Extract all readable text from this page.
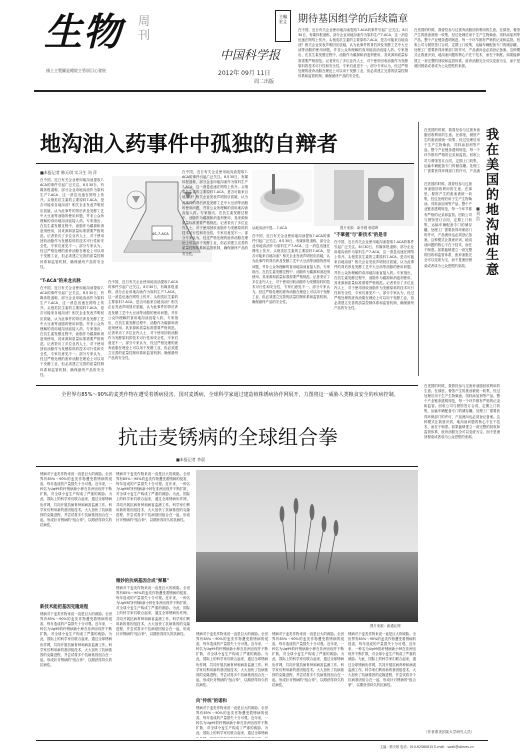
生物 周刊
國土主製圖是總院主管項目心發展
中国科学报
2012年 09月 11日
周二出版
主編
宏义	期待基因组学的后续篇章
在中国，近日有关企业使用地沟油提取7-ACA的事件引起广泛关注。8月30日，有媒体报道称，部分企业用地沟油作为原料生产7-ACA，这一消息迅速在网络上传开。头孢类抗生素的主要原料7-ACA，是否可能来自地沟油？相关企业发表声明回应质疑，认为此事件的背后涉及发酵工艺中大豆油等油脂的使用问题，并非公众所理解的食用地沟油直接入药。专家指出，在抗生素发酵过程中，油脂作为碳源和消泡剂使用，其来源和质量标准需要严格规范。记者采访了多位业内人士，对于使用回收油脂作为发酵原料的技术可行性和安全性，专家们意见不一。部分专家认为，经过严格处理的废弃油脂在理论上可以用于发酵工业，但必须建立完善的质量控制体系和监管机制，确保最终产品的安全性。
在美国的时候，我曾经参与过废弃油脂回收利用的生意。在那里，餐馆产生的废油被统一收集，经过处理后用于生产生物柴油、饲料添加剂等产品。整个产业链条透明规范，每一个环节都有严格的记录和监管。回收公司与餐馆签订合同，定期上门收集，运输车辆配备专门的储存罐。处理工厂需要获得环保部门的许可，产品流向也必须登记备案。这种模式让我意识到，地沟油问题的核心不在于技术，而在于制度。如果能够建立一套完整的回收和监管体系，废弃油脂完全可以变废为宝，而不是流回餐桌或者成为公众恐慌的来源。
地沟油入药事件中孤独的自辩者
■本报记者 韩天琪 实习生 刘 萍
在中国，近日有关企业使用地沟油提取7-ACA的事件引起广泛关注。8月30日，有媒体报道称，部分企业用地沟油作为原料生产7-ACA，这一消息迅速在网络上传开。头孢类抗生素的主要原料7-ACA，是否可能来自地沟油？相关企业发表声明回应质疑，认为此事件的背后涉及发酵工艺中大豆油等油脂的使用问题，并非公众所理解的食用地沟油直接入药。专家指出，在抗生素发酵过程中，油脂作为碳源和消泡剂使用，其来源和质量标准需要严格规范。记者采访了多位业内人士，对于使用回收油脂作为发酵原料的技术可行性和安全性，专家们意见不一。部分专家认为，经过严格处理的废弃油脂在理论上可以用于发酵工业，但必须建立完善的质量控制体系和监管机制，确保最终产品的安全性。
"T-ACA"的来龙去脉
在中国，近日有关企业使用地沟油提取7-ACA的事件引起广泛关注。8月30日，有媒体报道称，部分企业用地沟油作为原料生产7-ACA，这一消息迅速在网络上传开。头孢类抗生素的主要原料7-ACA，是否可能来自地沟油？相关企业发表声明回应质疑，认为此事件的背后涉及发酵工艺中大豆油等油脂的使用问题，并非公众所理解的食用地沟油直接入药。专家指出，在抗生素发酵过程中，油脂作为碳源和消泡剂使用，其来源和质量标准需要严格规范。记者采访了多位业内人士，对于使用回收油脂作为发酵原料的技术可行性和安全性，专家们意见不一。部分专家认为，经过严格处理的废弃油脂在理论上可以用于发酵工业，但必须建立完善的质量控制体系和监管机制，确保最终产品的安全性。
在中国，近日有关企业使用地沟油提取7-ACA的事件引起广泛关注。8月30日，有媒体报道称，部分企业用地沟油作为原料生产7-ACA，这一消息迅速在网络上传开。头孢类抗生素的主要原料7-ACA，是否可能来自地沟油？相关企业发表声明回应质疑，认为此事件的背后涉及发酵工艺中大豆油等油脂的使用问题，并非公众所理解的食用地沟油直接入药。专家指出，在抗生素发酵过程中，油脂作为碳源和消泡剂使用，其来源和质量标准需要严格规范。记者采访了多位业内人士，对于使用回收油脂作为发酵原料的技术可行性和安全性，专家们意见不一。部分专家认为，经过严格处理的废弃油脂在理论上可以用于发酵工业，但必须建立完善的质量控制体系和监管机制，确保最终产品的安全性。
4S-7-ACA
在中国，近日有关企业使用地沟油提取7-ACA的事件引起广泛关注。8月30日，有媒体报道称，部分企业用地沟油作为原料生产7-ACA，这一消息迅速在网络上传开。头孢类抗生素的主要原料7-ACA，是否可能来自地沟油？相关企业发表声明回应质疑，认为此事件的背后涉及发酵工艺中大豆油等油脂的使用问题，并非公众所理解的食用地沟油直接入药。专家指出，在抗生素发酵过程中，油脂作为碳源和消泡剂使用，其来源和质量标准需要严格规范。记者采访了多位业内人士，对于使用回收油脂作为发酵原料的技术可行性和安全性，专家们意见不一。部分专家认为，经过严格处理的废弃油脂在理论上可以用于发酵工业，但必须建立完善的质量控制体系和监管机制，确保最终产品的安全性。
从地沟油中提... 7-ACA	图片来源：新华网 韩春晖
在中国，近日有关企业使用地沟油提取7-ACA的事件引起广泛关注。8月30日，有媒体报道称，部分企业用地沟油作为原料生产7-ACA，这一消息迅速在网络上传开。头孢类抗生素的主要原料7-ACA，是否可能来自地沟油？相关企业发表声明回应质疑，认为此事件的背后涉及发酵工艺中大豆油等油脂的使用问题，并非公众所理解的食用地沟油直接入药。专家指出，在抗生素发酵过程中，油脂作为碳源和消泡剂使用，其来源和质量标准需要严格规范。记者采访了多位业内人士，对于使用回收油脂作为发酵原料的技术可行性和安全性，专家们意见不一。部分专家认为，经过严格处理的废弃油脂在理论上可以用于发酵工业，但必须建立完善的质量控制体系和监管机制，确保最终产品的安全性。
"不掌握"与"新技术"的是非
在中国，近日有关企业使用地沟油提取7-ACA的事件引起广泛关注。8月30日，有媒体报道称，部分企业用地沟油作为原料生产7-ACA，这一消息迅速在网络上传开。头孢类抗生素的主要原料7-ACA，是否可能来自地沟油？相关企业发表声明回应质疑，认为此事件的背后涉及发酵工艺中大豆油等油脂的使用问题，并非公众所理解的食用地沟油直接入药。专家指出，在抗生素发酵过程中，油脂作为碳源和消泡剂使用，其来源和质量标准需要严格规范。记者采访了多位业内人士，对于使用回收油脂作为发酵原料的技术可行性和安全性，专家们意见不一。部分专家认为，经过严格处理的废弃油脂在理论上可以用于发酵工业，但必须建立完善的质量控制体系和监管机制，确保最终产品的安全性。
在美国的时候，我曾经参与过废弃油脂回收利用的生意。在那里，餐馆产生的废油被统一收集，经过处理后用于生产生物柴油、饲料添加剂等产品。整个产业链条透明规范，每一个环节都有严格的记录和监管。回收公司与餐馆签订合同，定期上门收集，运输车辆配备专门的储存罐。处理工厂需要获得环保部门的许可，产品流
我在美国的地沟油生意
■刘浩
在美国的时候，我曾经参与过废弃油脂回收利用的生意。在那里，餐馆产生的废油被统一收集，经过处理后用于生产生物柴油、饲料添加剂等产品。整个产业链条透明规范，每一个环节都有严格的记录和监管。回收公司与餐馆签订合同，定期上门收集，运输车辆配备专门的储存罐。处理工厂需要获得环保部门的许可，产品流向也必须登记备案。这种模式让我意识到，地沟油问题的核心不在于技术，而在于制度。如果能够建立一套完整的回收和监管体系，废弃油脂完全可以变废为宝，而不是流回餐桌或者成为公众恐慌的来源。
在美国的时候，我曾经参与过废弃油脂回收利用的生意。在那里，餐馆产生的废油被统一收集，经过处理后用于生产生物柴油、饲料添加剂等产品。整个产业链条透明规范，每一个环节都有严格的记录和监管。回收公司与餐馆签订合同，定期上门收集，运输车辆配备专门的储存罐。处理工厂需要获得环保部门的许可，产品流向也必须登记备案。这种模式让我意识到，地沟油问题的核心不在于技术，而在于制度。如果能够建立一套完整的回收和监管体系，废弃油脂完全可以变废为宝，而不是流回餐桌或者成为公众恐慌的来源。
（作者系美国某大学研究人员）
全世界有85%～90%的麦类作物在遭受着锈病侵害。国对麦锈病，全球科学家通过建造植株锈病协作网展开，力图将这一威胁人类粮食安全的疾病控制。
抗击麦锈病的全球组合拳
■本报记者 李晨
锈病对于麦类作物来说一直是巨大的威胁。全世界有85%～90%的麦类作物遭受着锈病的侵害，每年造成的产量损失十分可观。近年来，一种名为Ug99的秆锈病新小种在非洲出现并不断扩散，对全球小麦生产构成了严重的威胁。为此，国际上的科学家们联合起来，通过全球锈病协作网，共同开展抗病育种和病害监测工作。科学家们利用新的基因组技术，大大加快了抗病基因的克隆进程，并尝试将多个抗病基因组合在一起，形成针对锈病的"组合拳"，以期获得持久的抗病性。
新技术能把基因克隆进程
锈病对于麦类作物来说一直是巨大的威胁。全世界有85%～90%的麦类作物遭受着锈病的侵害，每年造成的产量损失十分可观。近年来，一种名为Ug99的秆锈病新小种在非洲出现并不断扩散，对全球小麦生产构成了严重的威胁。为此，国际上的科学家们联合起来，通过全球锈病协作网，共同开展抗病育种和病害监测工作。科学家们利用新的基因组技术，大大加快了抗病基因的克隆进程，并尝试将多个抗病基因组合在一起，形成针对锈病的"组合拳"，以期获得持久的抗病性。
锈病对于麦类作物来说一直是巨大的威胁。全世界有85%～90%的麦类作物遭受着锈病的侵害，每年造成的产量损失十分可观。近年来，一种名为Ug99的秆锈病新小种在非洲出现并不断扩散，对全球小麦生产构成了严重的威胁。为此，国际上的科学家们联合起来，通过全球锈病协作网，共同开展抗病育种和病害监测工作。科学家们利用新的基因组技术，大大加快了抗病基因的克隆进程，并尝试将多个抗病基因组合在一起，形成针对锈病的"组合拳"，以期获得持久的抗病性。
微妙的抗病基因合成"弹幕"
锈病对于麦类作物来说一直是巨大的威胁。全世界有85%～90%的麦类作物遭受着锈病的侵害，每年造成的产量损失十分可观。近年来，一种名为Ug99的秆锈病新小种在非洲出现并不断扩散，对全球小麦生产构成了严重的威胁。为此，国际上的科学家们联合起来，通过全球锈病协作网，共同开展抗病育种和病害监测工作。科学家们利用新的基因组技术，大大加快了抗病基因的克隆进程，并尝试将多个抗病基因组合在一起，形成针对锈病的"组合拳"，以期获得持久的抗病性。
图片来源：新通社网
锈病对于麦类作物来说一直是巨大的威胁。全世界有85%～90%的麦类作物遭受着锈病的侵害，每年造成的产量损失十分可观。近年来，一种名为Ug99的秆锈病新小种在非洲出现并不断扩散，对全球小麦生产构成了严重的威胁。为此，国际上的科学家们联合起来，通过全球锈病协作网，共同开展抗病育种和病害监测工作。科学家们利用新的基因组技术，大大加快了抗病基因的克隆进程，并尝试将多个抗病基因组合在一起，形成针对锈病的"组合拳"，以期获得持久的抗病性。
向"传统"的诺和
锈病对于麦类作物来说一直是巨大的威胁。全世界有85%～90%的麦类作物遭受着锈病的侵害，每年造成的产量损失十分可观。近年来，一种名为Ug99的秆锈病新小种在非洲出现并不断扩散，对全球小麦生产构成了严重的威胁。为此，国际上的科学家们联合起来，通过全球锈病
锈病对于麦类作物来说一直是巨大的威胁。全世界有85%～90%的麦类作物遭受着锈病的侵害，每年造成的产量损失十分可观。近年来，一种名为Ug99的秆锈病新小种在非洲出现并不断扩散，对全球小麦生产构成了严重的威胁。为此，国际上的科学家们联合起来，通过全球锈病协作网，共同开展抗病育种和病害监测工作。科学家们利用新的基因组技术，大大加快了抗病基因的克隆进程，并尝试将多个抗病基因组合在一起，形成针对锈病的"组合拳"，以期获得持久的抗病性。
锈病对于麦类作物来说一直是巨大的威胁。全世界有85%～90%的麦类作物遭受着锈病的侵害，每年造成的产量损失十分可观。近年来，一种名为Ug99的秆锈病新小种在非洲出现并不断扩散，对全球小麦生产构成了严重的威胁。为此，国际上的科学家们联合起来，通过全球锈病协作网，共同开展抗病育种和病害监测工作。科学家们利用新的基因组技术，大大加快了抗病基因的克隆进程，并尝试将多个抗病基因组合在一起，形成针对锈病的"组合拳"，以期获得持久的抗病性。
主编：韩天琪 电话：010-62580615 E-mail：swzk@stimes.cn
